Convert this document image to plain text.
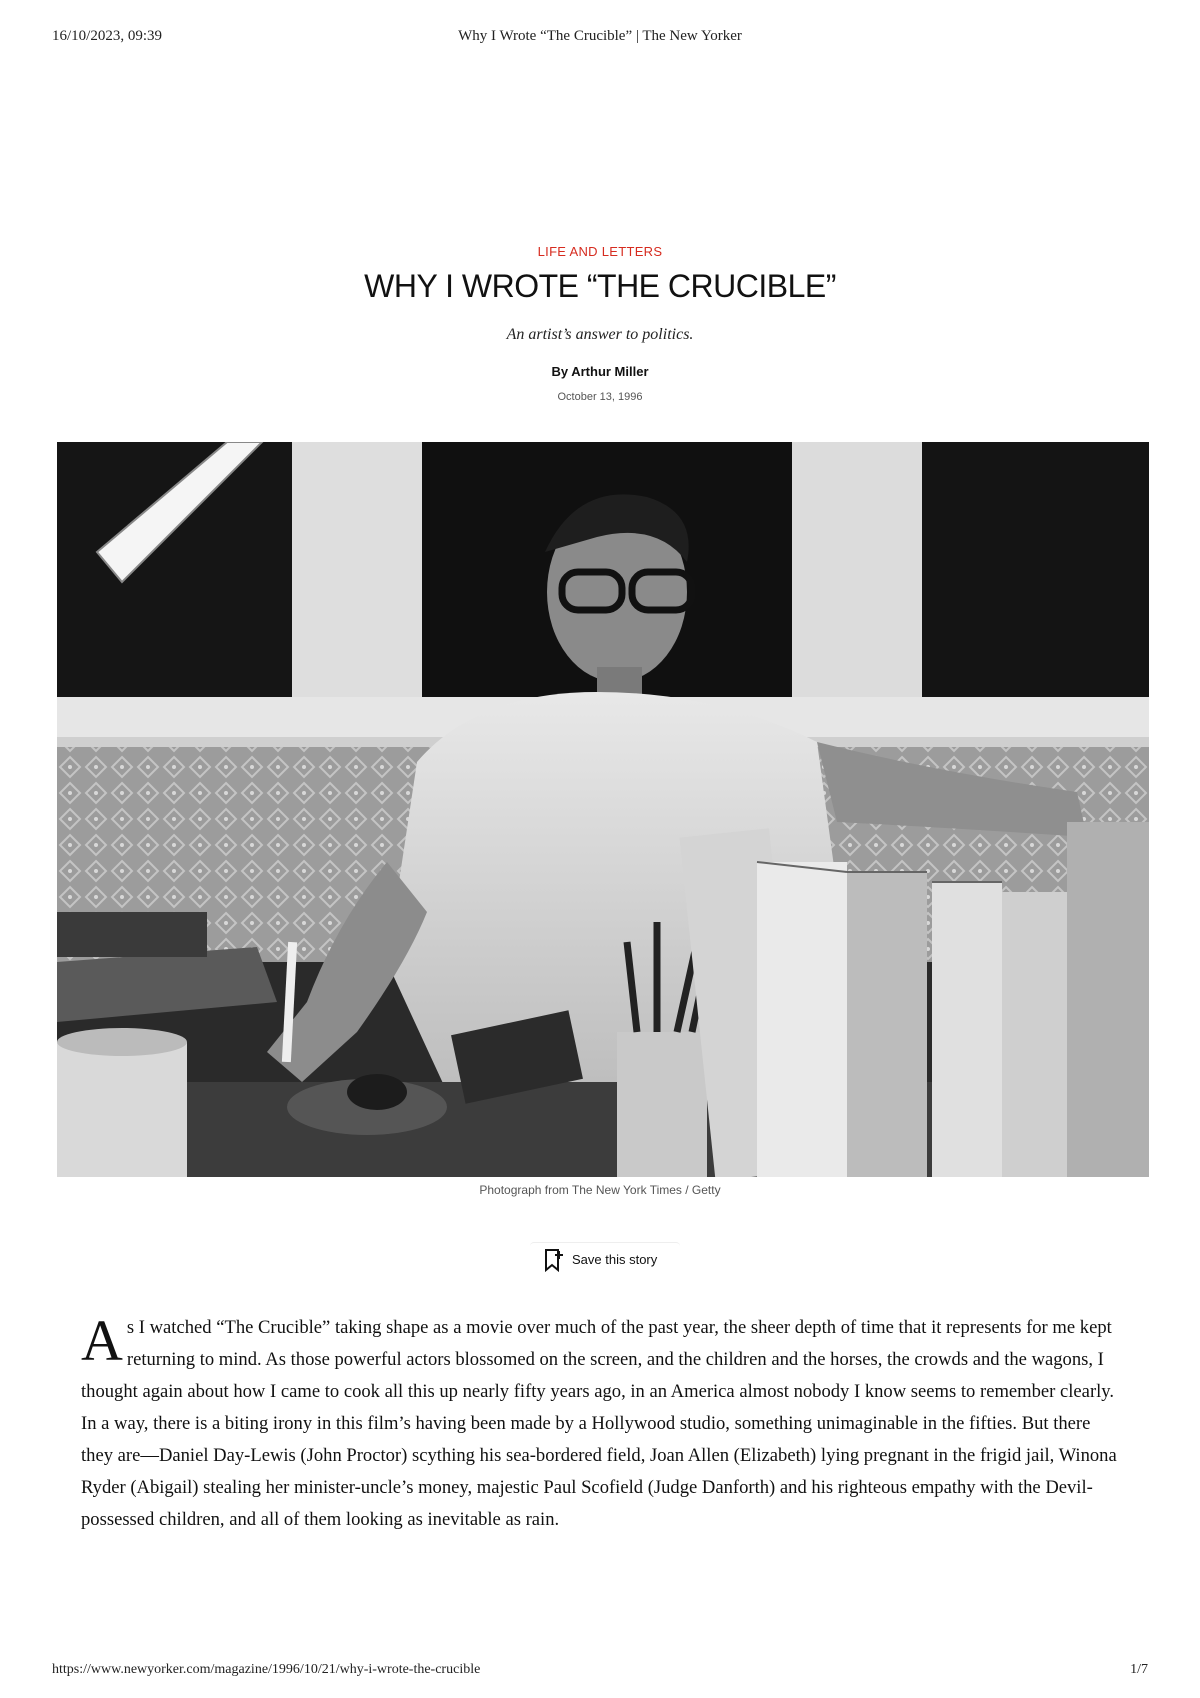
16/10/2023, 09:39	Why I Wrote “The Crucible” | The New Yorker
LIFE AND LETTERS
WHY I WROTE “THE CRUCIBLE”
An artist’s answer to politics.
By Arthur Miller
October 13, 1996
Photograph from The New York Times / Getty
Save this story

As I watched “The Crucible” taking shape as a movie over much of the past year, the sheer depth of time that it represents for me kept returning to mind. As those powerful actors blossomed on the screen, and the children and the horses, the crowds and the wagons, I thought again about how I came to cook all this up nearly fifty years ago, in an America almost nobody I know seems to remember clearly. In a way, there is a biting irony in this film’s having been made by a Hollywood studio, something unimaginable in the fifties. But there they are—Daniel Day-Lewis (John Proctor) scything his sea-bordered field, Joan Allen (Elizabeth) lying pregnant in the frigid jail, Winona Ryder (Abigail) stealing her minister-uncle’s money, majestic Paul Scofield (Judge Danforth) and his righteous empathy with the Devil-possessed children, and all of them looking as inevitable as rain.

https://www.newyorker.com/magazine/1996/10/21/why-i-wrote-the-crucible	1/7
